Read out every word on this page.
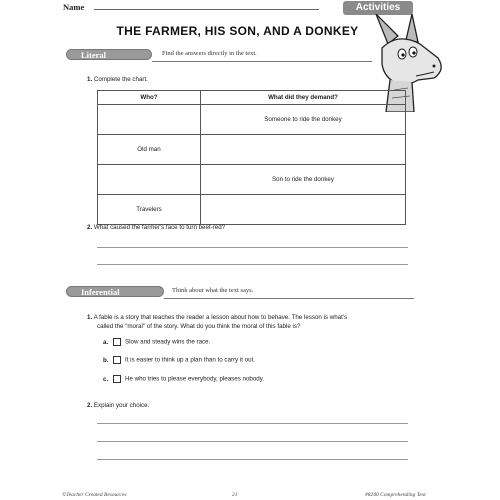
Name	Activities
THE FARMER, HIS SON, AND A DONKEY
Literal	Find the answers directly in the text.
1. Complete the chart.
Who?	What did they demand?
	Someone to ride the donkey
Old man	
	Son to ride the donkey
Travelers	
2. What caused the farmer's face to turn beet-red?
Inferential	Think about what the text says.
1. A fable is a story that teaches the reader a lesson about how to behave. The lesson is what's
called the "moral" of the story. What do you think the moral of this fable is?
a.	Slow and steady wins the race.
b.	It is easier to think up a plan than to carry it out.
c.	He who tries to please everybody, pleases nobody.
2. Explain your choice.
©Teacher Created Resources	21	#8240 Comprehending Text
